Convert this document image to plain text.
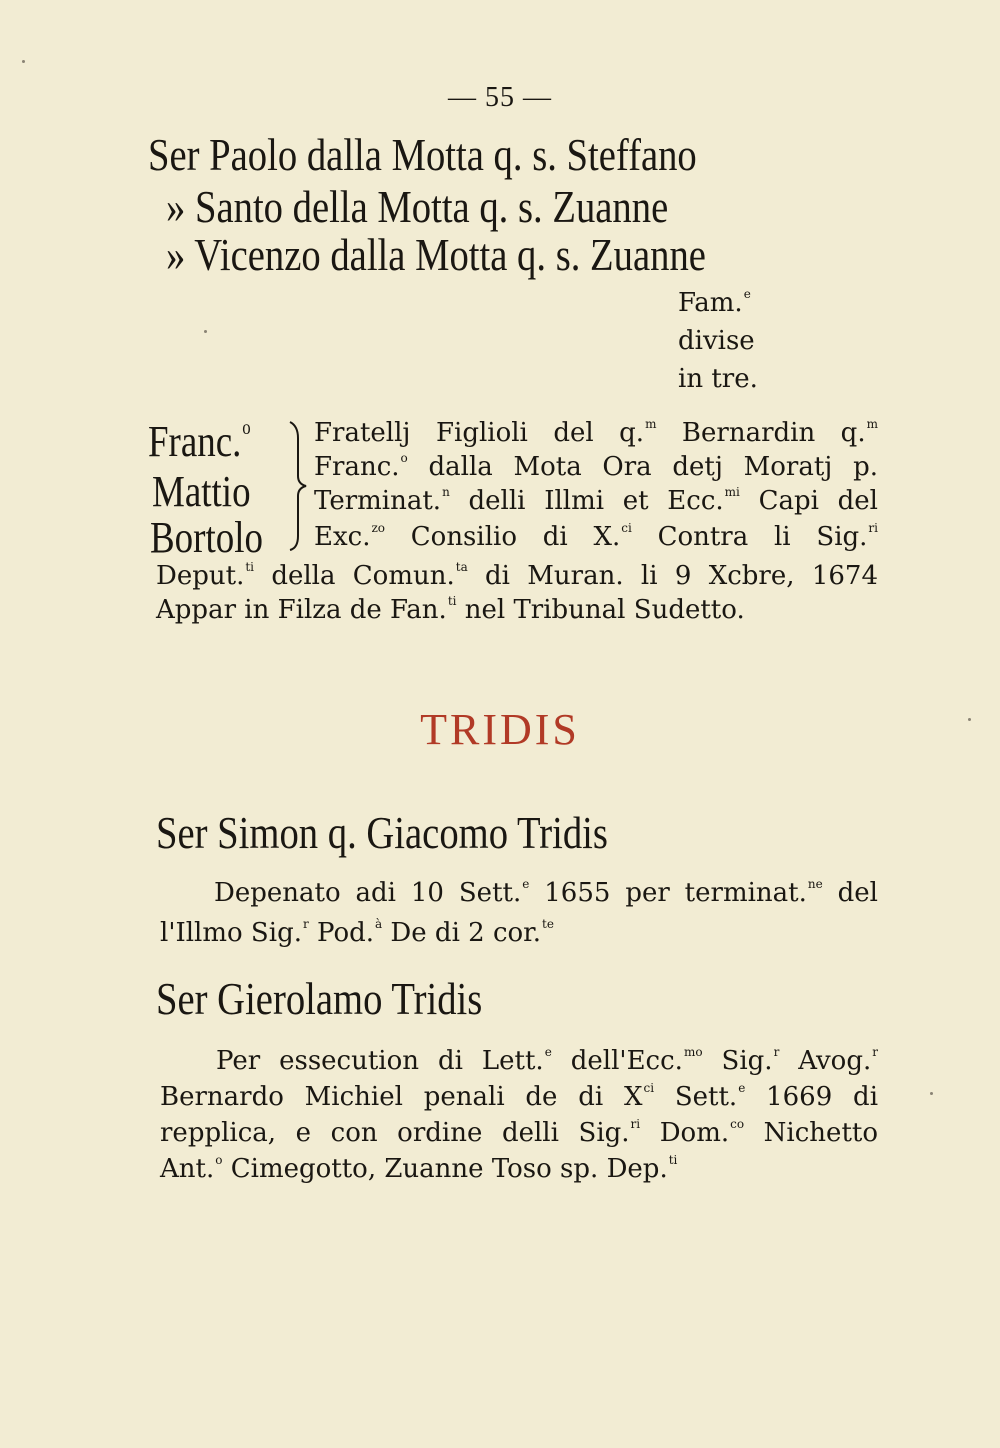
— 55 —
Ser Paolo dalla Motta q. s. Steffano
» Santo della Motta q. s. Zuanne
» Vicenzo dalla Motta q. s. Zuanne
Fam.$^e$
divise
in tre.
Franc.$^o$
Mattio
Bortolo
Fratellj Figlioli del q.$^m$ Bernardin q.$^m$
Franc.$^o$ dalla Mota Ora detj Moratj p.
Terminat.$^n$ delli Illmi et Ecc.$^{mi}$ Capi del
Exc.$^{zo}$ Consilio di X.$^{ci}$ Contra li Sig.$^{ri}$
Deput.$^{ti}$ della Comun.$^{ta}$ di Muran. li 9 Xcbre, 1674
Appar in Filza de Fan.$^{ti}$ nel Tribunal Sudetto.
TRIDIS
Ser Simon q. Giacomo Tridis
Depenato adi 10 Sett.$^e$ 1655 per terminat.$^{ne}$ del
l'Illmo Sig.$^r$ Pod.$^à$ De di 2 cor.$^{te}$
Ser Gierolamo Tridis
Per essecution di Lett.$^e$ dell'Ecc.$^{mo}$ Sig.$^r$ Avog.$^r$
Bernardo Michiel penali de di $X^{ci}$ Sett.$^e$ 1669 di
repplica, e con ordine delli Sig.$^{ri}$ Dom.$^{co}$ Nichetto
Ant.$^o$ Cimegotto, Zuanne Toso sp. Dep.$^{ti}$
